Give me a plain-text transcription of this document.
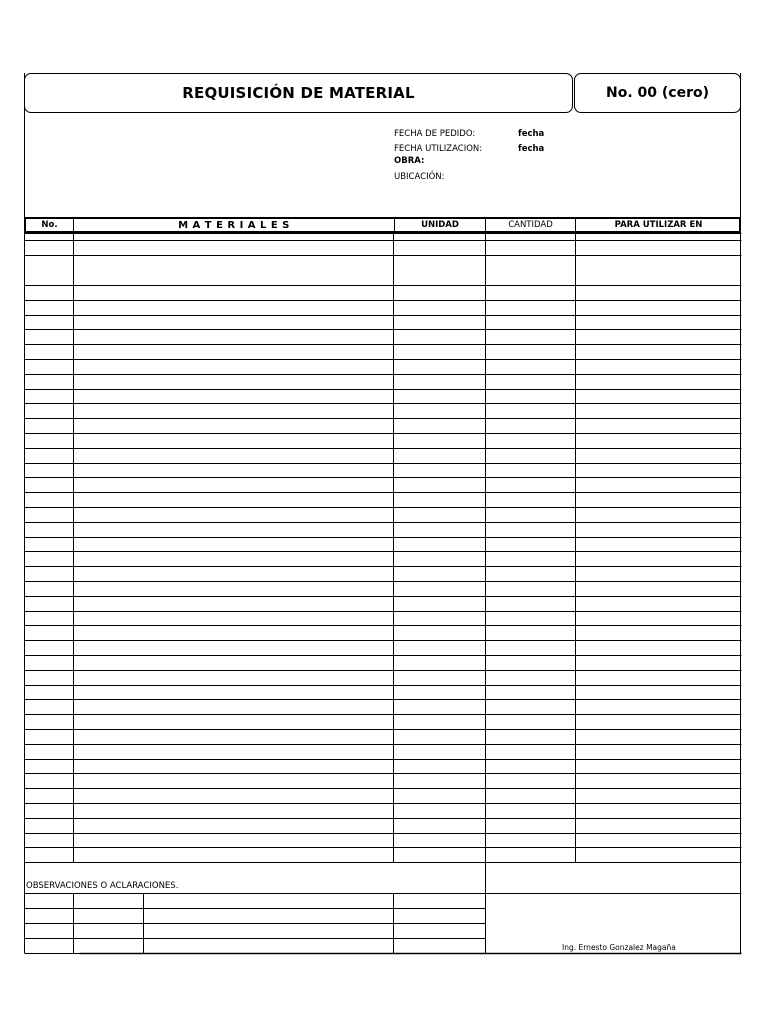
REQUISICIÓN DE MATERIAL	No. 00 (cero)
FECHA DE PEDIDO:	fecha
FECHA UTILIZACION:	fecha
OBRA:
UBICACIÓN:
No.	M A T E R I A L E S	UNIDAD	CANTIDAD	PARA UTILIZAR EN
OBSERVACIONES O ACLARACIONES.
Ing. Ernesto Gonzalez Magaña
